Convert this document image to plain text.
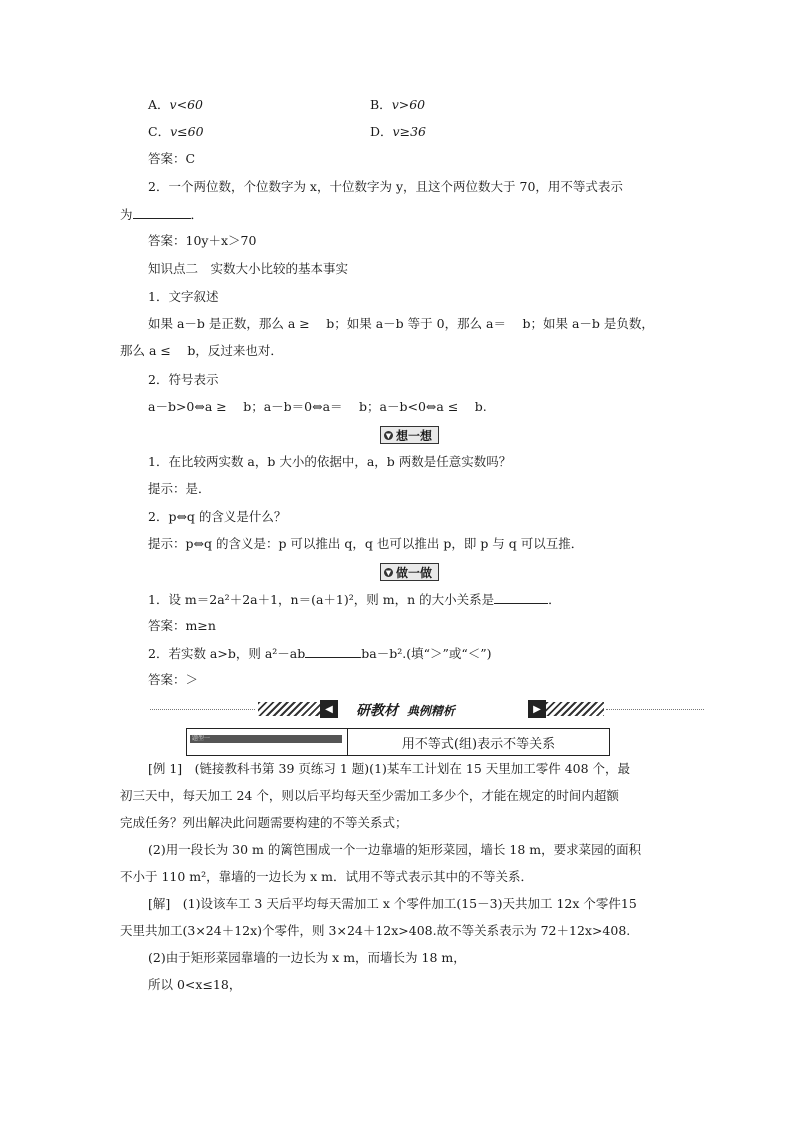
A．v<60	B．v>60
C．v≤60	D．v≥36
答案：C
2．一个两位数，个位数字为 x，十位数字为 y，且这个两位数大于 70，用不等式表示
为	．
答案：10y＋x＞70
知识点二　实数大小比较的基本事实
1．文字叙述
如果 a－b 是正数，那么 a ≥　 b；如果 a－b 等于 0，那么 a＝　 b；如果 a－b 是负数，
那么 a ≤　 b，反过来也对．
2．符号表示
a－b>0⇔a ≥　 b；a－b＝0⇔a＝　 b；a－b<0⇔a ≤　 b.
▼ 想一想
1．在比较两实数 a，b 大小的依据中，a，b 两数是任意实数吗？
提示：是．
2．p⇔q 的含义是什么？
提示：p⇔q 的含义是：p 可以推出 q，q 也可以推出 p，即 p 与 q 可以互推．
▼ 做一做
1．设 m＝2a²＋2a＋1，n＝(a＋1)²，则 m，n 的大小关系是	．
答案：m≥n
2．若实数 a>b，则 a²－ab	ba－b².(填“＞”或“＜”)
答案：＞
◀	研教材 典例精析	▶
题型一	用不等式(组)表示不等关系
[例 1]　(链接教科书第 39 页练习 1 题)(1)某车工计划在 15 天里加工零件 408 个，最
初三天中，每天加工 24 个，则以后平均每天至少需加工多少个，才能在规定的时间内超额
完成任务？列出解决此问题需要构建的不等关系式；
(2)用一段长为 30 m 的篱笆围成一个一边靠墙的矩形菜园，墙长 18 m，要求菜园的面积
不小于 110 m²，靠墙的一边长为 x m．试用不等式表示其中的不等关系．
[解]　(1)设该车工 3 天后平均每天需加工 x 个零件加工(15－3)天共加工 12x 个零件15
天里共加工(3×24＋12x)个零件，则 3×24＋12x>408.故不等关系表示为 72＋12x>408.
(2)由于矩形菜园靠墙的一边长为 x m，而墙长为 18 m，
所以 0<x≤18，
